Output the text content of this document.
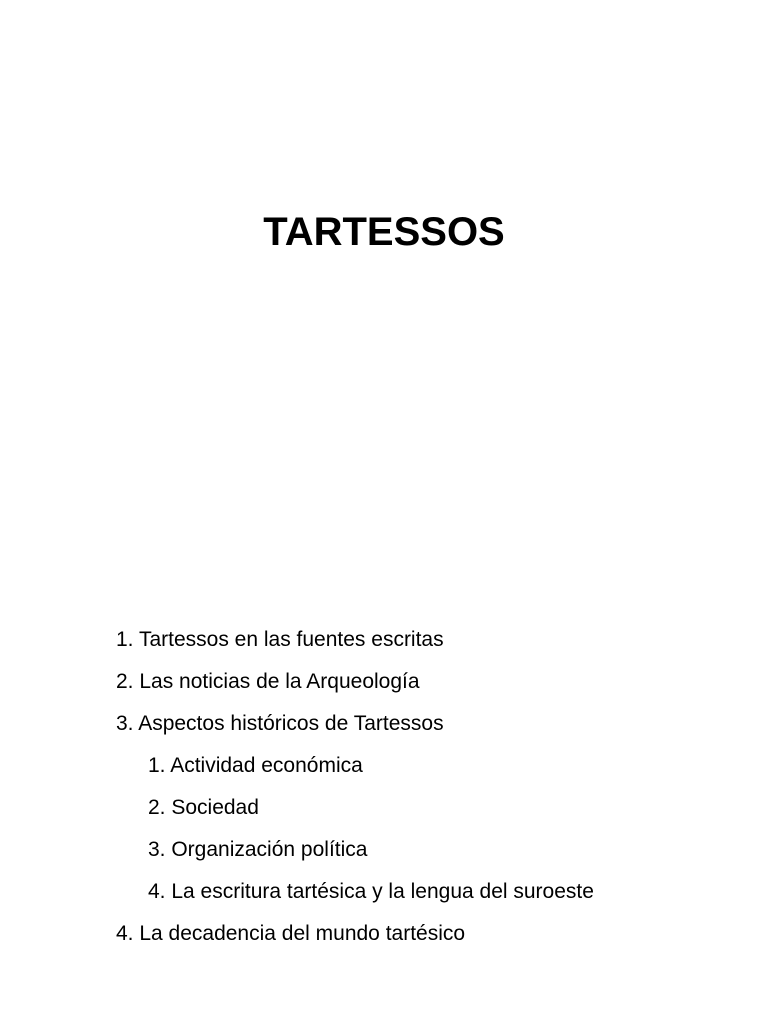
TARTESSOS
1. Tartessos en las fuentes escritas
2. Las noticias de la Arqueología
3. Aspectos históricos de Tartessos
1. Actividad económica
2. Sociedad
3. Organización política
4. La escritura tartésica y la lengua del suroeste
4. La decadencia del mundo tartésico
